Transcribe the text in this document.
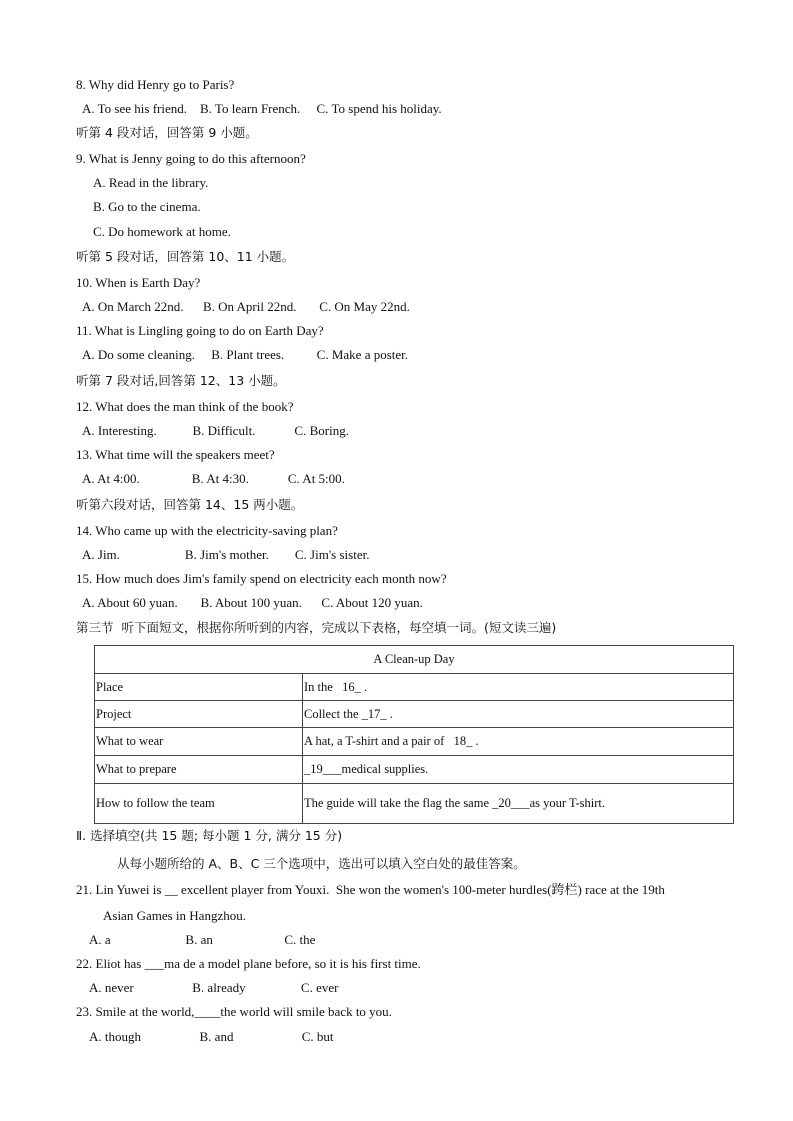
8. Why did Henry go to Paris?
A. To see his friend.    B. To learn French.     C. To spend his holiday.
听第 4 段对话，回答第 9 小题。
9. What is Jenny going to do this afternoon?
A. Read in the library.
B. Go to the cinema.
C. Do homework at home.
听第 5 段对话，回答第 10、11 小题。
10. When is Earth Day?
A. On March 22nd.      B. On April 22nd.       C. On May 22nd.
11. What is Lingling going to do on Earth Day?
A. Do some cleaning.     B. Plant trees.          C. Make a poster.
听第 7 段对话,回答第 12、13 小题。
12. What does the man think of the book?
A. Interesting.           B. Difficult.            C. Boring.
13. What time will the speakers meet?
A. At 4:00.                B. At 4:30.            C. At 5:00.
听第六段对话，回答第 14、15 两小题。
14. Who came up with the electricity-saving plan?
A. Jim.                    B. Jim's mother.        C. Jim's sister.
15. How much does Jim's family spend on electricity each month now?
A. About 60 yuan.       B. About 100 yuan.      C. About 120 yuan.
第三节  听下面短文，根据你所听到的内容，完成以下表格，每空填一词。(短文读三遍)
A Clean-up Day	
Place	In the   16_ .
Project	Collect the _17_ .
What to wear	A hat, a T-shirt and a pair of   18_ .
What to prepare	_19___medical supplies.
How to follow the team	The guide will take the flag the same _20___as your T-shirt.
Ⅱ. 选择填空(共 15 题; 每小题 1 分, 满分 15 分)
从每小题所给的 A、B、C 三个选项中，选出可以填入空白处的最佳答案。
21. Lin Yuwei is __ excellent player from Youxi.  She won the women's 100-meter hurdles(跨栏) race at the 19th
Asian Games in Hangzhou.
A. a                       B. an                      C. the
22. Eliot has ___ma de a model plane before, so it is his first time.
A. never                  B. already                 C. ever
23. Smile at the world,____the world will smile back to you.
A. though                  B. and                     C. but
